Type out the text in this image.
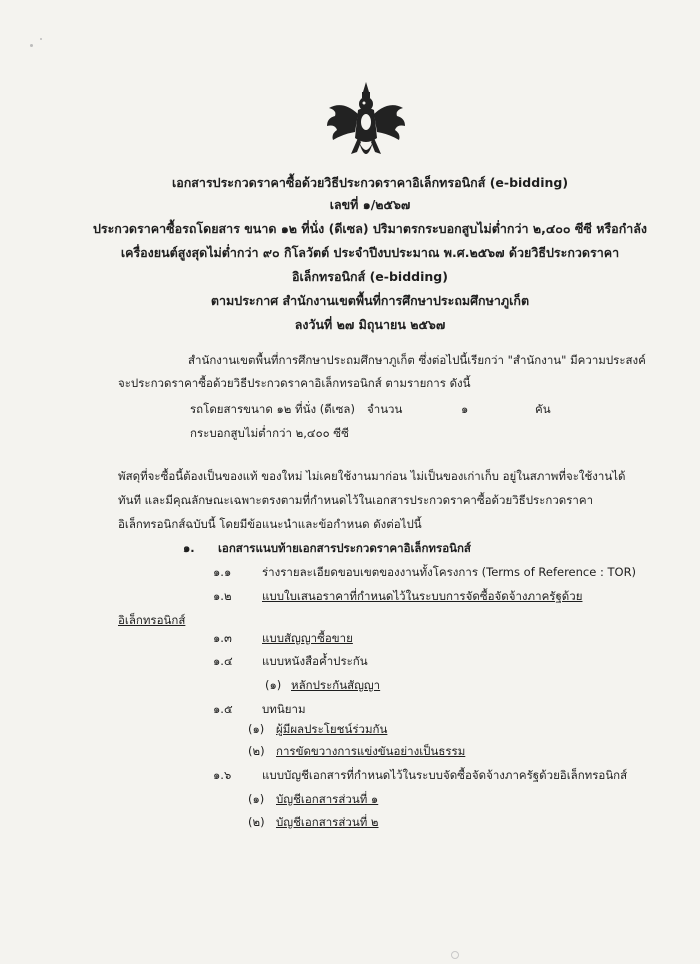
เอกสารประกวดราคาซื้อด้วยวิธีประกวดราคาอิเล็กทรอนิกส์ (e-bidding)
เลขที่ ๑/๒๕๖๗
ประกวดราคาซื้อรถโดยสาร ขนาด ๑๒ ที่นั่ง (ดีเซล) ปริมาตรกระบอกสูบไม่ต่ำกว่า ๒,๔๐๐ ซีซี หรือกำลัง
เครื่องยนต์สูงสุดไม่ต่ำกว่า ๙๐ กิโลวัตต์ ประจำปีงบประมาณ พ.ศ.๒๕๖๗ ด้วยวิธีประกวดราคา
อิเล็กทรอนิกส์ (e-bidding)
ตามประกาศ สำนักงานเขตพื้นที่การศึกษาประถมศึกษาภูเก็ต
ลงวันที่ ๒๗ มิถุนายน ๒๕๖๗
สำนักงานเขตพื้นที่การศึกษาประถมศึกษาภูเก็ต ซึ่งต่อไปนี้เรียกว่า "สำนักงาน" มีความประสงค์
จะประกวดราคาซื้อด้วยวิธีประกวดราคาอิเล็กทรอนิกส์ ตามรายการ ดังนี้
รถโดยสารขนาด ๑๒ ที่นั่ง (ดีเซล) จำนวน	๑	คัน
กระบอกสูบไม่ต่ำกว่า ๒,๔๐๐ ซีซี
พัสดุที่จะซื้อนี้ต้องเป็นของแท้ ของใหม่ ไม่เคยใช้งานมาก่อน ไม่เป็นของเก่าเก็บ อยู่ในสภาพที่จะใช้งานได้
ทันที และมีคุณลักษณะเฉพาะตรงตามที่กำหนดไว้ในเอกสารประกวดราคาซื้อด้วยวิธีประกวดราคา
อิเล็กทรอนิกส์ฉบับนี้ โดยมีข้อแนะนำและข้อกำหนด ดังต่อไปนี้
๑. เอกสารแนบท้ายเอกสารประกวดราคาอิเล็กทรอนิกส์
๑.๑	ร่างรายละเอียดขอบเขตของงานทั้งโครงการ (Terms of Reference : TOR)
๑.๒	แบบใบเสนอราคาที่กำหนดไว้ในระบบการจัดซื้อจัดจ้างภาครัฐด้วย
อิเล็กทรอนิกส์
๑.๓	แบบสัญญาซื้อขาย
๑.๔	แบบหนังสือค้ำประกัน
(๑) หลักประกันสัญญา
๑.๕	บทนิยาม
(๑) ผู้มีผลประโยชน์ร่วมกัน
(๒) การขัดขวางการแข่งขันอย่างเป็นธรรม
๑.๖	แบบบัญชีเอกสารที่กำหนดไว้ในระบบจัดซื้อจัดจ้างภาครัฐด้วยอิเล็กทรอนิกส์
(๑) บัญชีเอกสารส่วนที่ ๑
(๒) บัญชีเอกสารส่วนที่ ๒
